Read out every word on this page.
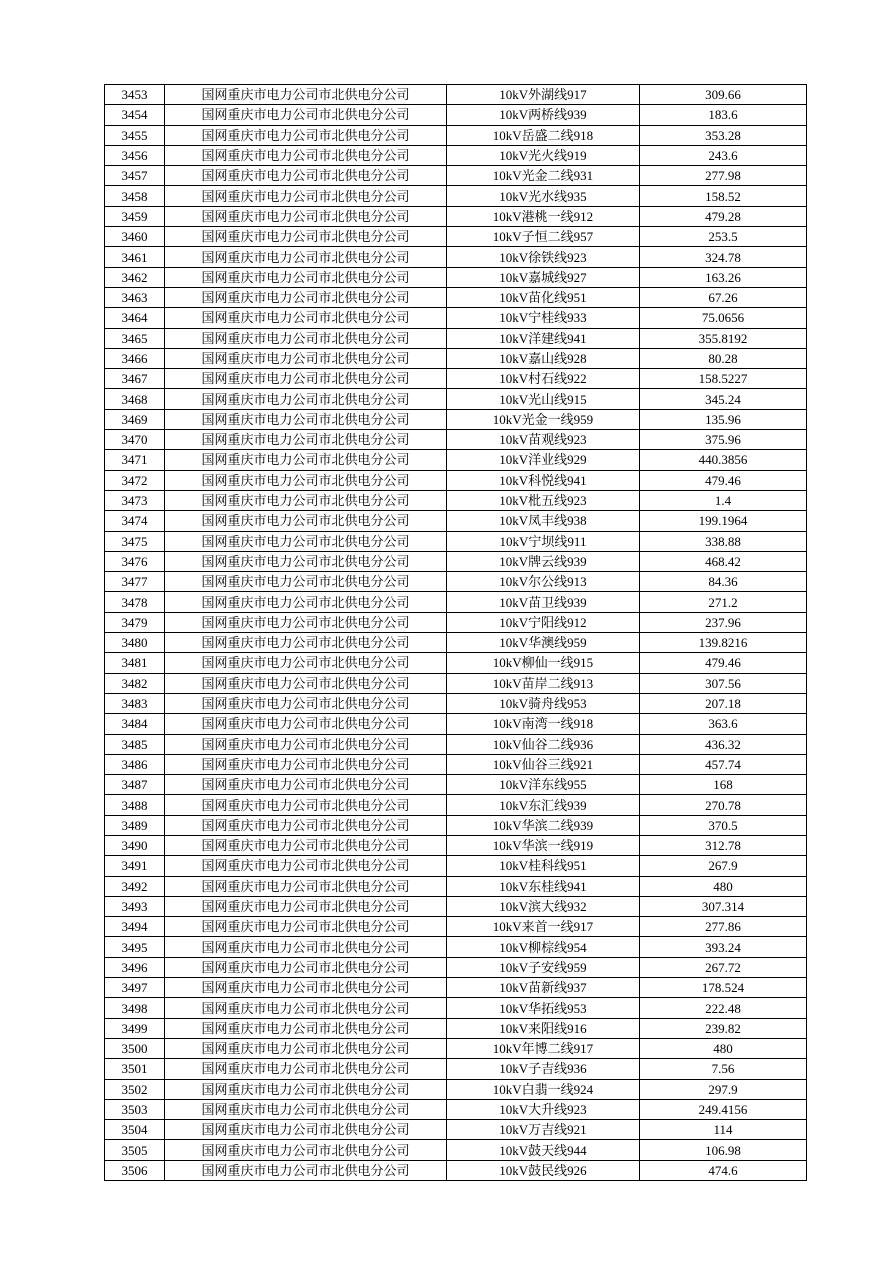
3453	国网重庆市电力公司市北供电分公司	10kV外湖线917	309.66
3454	国网重庆市电力公司市北供电分公司	10kV两桥线939	183.6
3455	国网重庆市电力公司市北供电分公司	10kV岳盛二线918	353.28
3456	国网重庆市电力公司市北供电分公司	10kV光火线919	243.6
3457	国网重庆市电力公司市北供电分公司	10kV光金二线931	277.98
3458	国网重庆市电力公司市北供电分公司	10kV光水线935	158.52
3459	国网重庆市电力公司市北供电分公司	10kV港桃一线912	479.28
3460	国网重庆市电力公司市北供电分公司	10kV子恒二线957	253.5
3461	国网重庆市电力公司市北供电分公司	10kV徐铁线923	324.78
3462	国网重庆市电力公司市北供电分公司	10kV嘉城线927	163.26
3463	国网重庆市电力公司市北供电分公司	10kV苗化线951	67.26
3464	国网重庆市电力公司市北供电分公司	10kV宁桂线933	75.0656
3465	国网重庆市电力公司市北供电分公司	10kV洋建线941	355.8192
3466	国网重庆市电力公司市北供电分公司	10kV嘉山线928	80.28
3467	国网重庆市电力公司市北供电分公司	10kV村石线922	158.5227
3468	国网重庆市电力公司市北供电分公司	10kV光山线915	345.24
3469	国网重庆市电力公司市北供电分公司	10kV光金一线959	135.96
3470	国网重庆市电力公司市北供电分公司	10kV苗观线923	375.96
3471	国网重庆市电力公司市北供电分公司	10kV洋业线929	440.3856
3472	国网重庆市电力公司市北供电分公司	10kV科悦线941	479.46
3473	国网重庆市电力公司市北供电分公司	10kV枇五线923	1.4
3474	国网重庆市电力公司市北供电分公司	10kV凤丰线938	199.1964
3475	国网重庆市电力公司市北供电分公司	10kV宁坝线911	338.88
3476	国网重庆市电力公司市北供电分公司	10kV牌云线939	468.42
3477	国网重庆市电力公司市北供电分公司	10kV尔公线913	84.36
3478	国网重庆市电力公司市北供电分公司	10kV苗卫线939	271.2
3479	国网重庆市电力公司市北供电分公司	10kV宁阳线912	237.96
3480	国网重庆市电力公司市北供电分公司	10kV华澳线959	139.8216
3481	国网重庆市电力公司市北供电分公司	10kV柳仙一线915	479.46
3482	国网重庆市电力公司市北供电分公司	10kV苗岸二线913	307.56
3483	国网重庆市电力公司市北供电分公司	10kV骑舟线953	207.18
3484	国网重庆市电力公司市北供电分公司	10kV南湾一线918	363.6
3485	国网重庆市电力公司市北供电分公司	10kV仙谷二线936	436.32
3486	国网重庆市电力公司市北供电分公司	10kV仙谷三线921	457.74
3487	国网重庆市电力公司市北供电分公司	10kV洋东线955	168
3488	国网重庆市电力公司市北供电分公司	10kV东汇线939	270.78
3489	国网重庆市电力公司市北供电分公司	10kV华滨二线939	370.5
3490	国网重庆市电力公司市北供电分公司	10kV华滨一线919	312.78
3491	国网重庆市电力公司市北供电分公司	10kV桂科线951	267.9
3492	国网重庆市电力公司市北供电分公司	10kV东桂线941	480
3493	国网重庆市电力公司市北供电分公司	10kV滨大线932	307.314
3494	国网重庆市电力公司市北供电分公司	10kV来首一线917	277.86
3495	国网重庆市电力公司市北供电分公司	10kV柳棕线954	393.24
3496	国网重庆市电力公司市北供电分公司	10kV子安线959	267.72
3497	国网重庆市电力公司市北供电分公司	10kV苗新线937	178.524
3498	国网重庆市电力公司市北供电分公司	10kV华拓线953	222.48
3499	国网重庆市电力公司市北供电分公司	10kV来阳线916	239.82
3500	国网重庆市电力公司市北供电分公司	10kV年博二线917	480
3501	国网重庆市电力公司市北供电分公司	10kV子吉线936	7.56
3502	国网重庆市电力公司市北供电分公司	10kV白翡一线924	297.9
3503	国网重庆市电力公司市北供电分公司	10kV大升线923	249.4156
3504	国网重庆市电力公司市北供电分公司	10kV万吉线921	114
3505	国网重庆市电力公司市北供电分公司	10kV鼓天线944	106.98
3506	国网重庆市电力公司市北供电分公司	10kV鼓民线926	474.6
